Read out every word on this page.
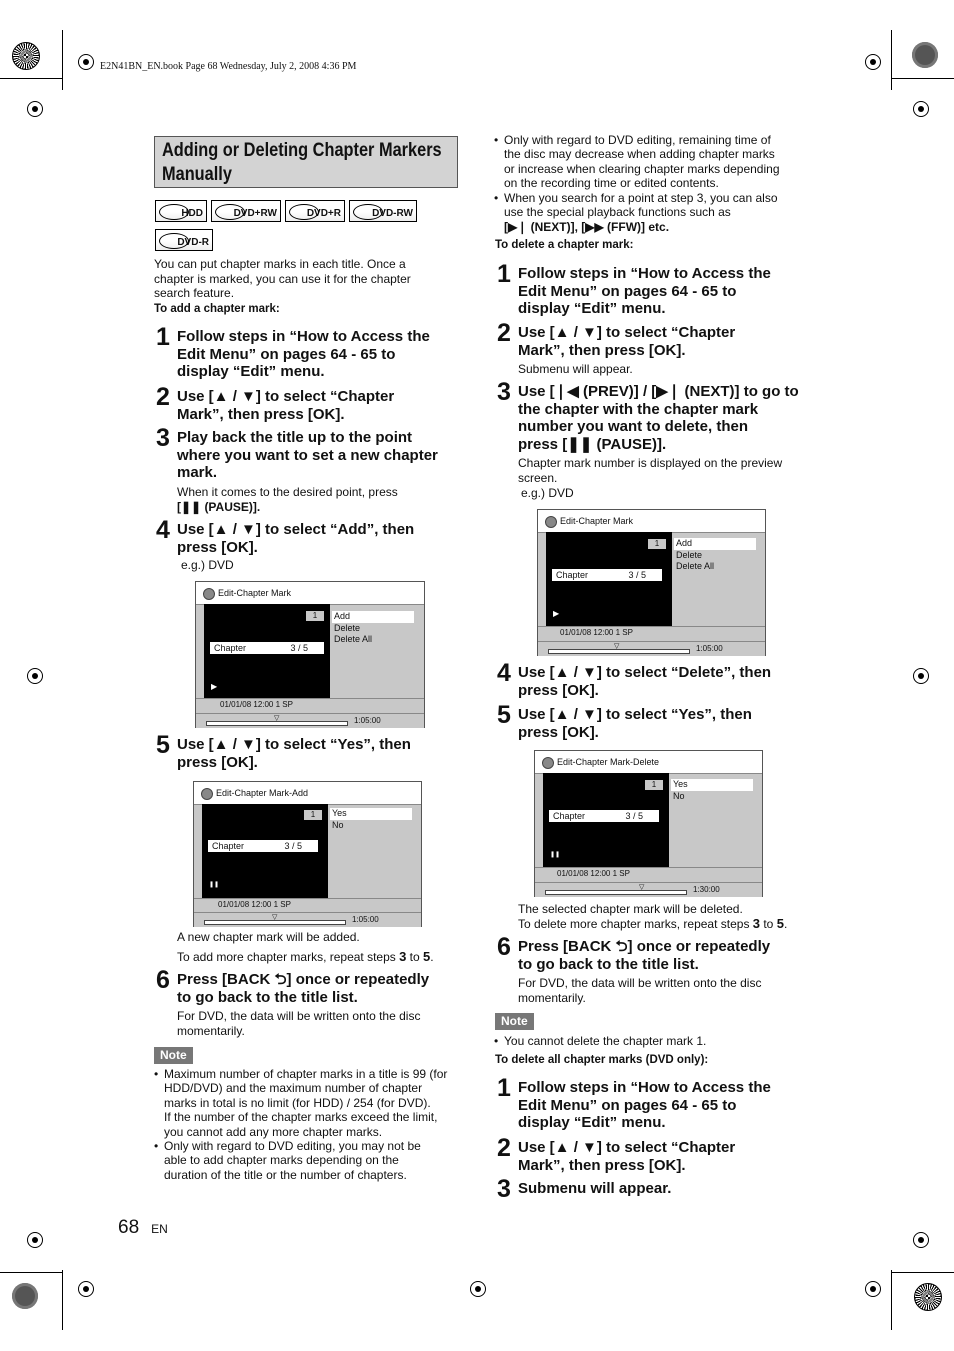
E2N41BN_EN.book Page 68 Wednesday, July 2, 2008 4:36 PM
Adding or Deleting Chapter Markers
Manually
HDD	DVD+RW	DVD+R	DVD-RW
DVD-R
You can put chapter marks in each title. Once a
chapter is marked, you can use it for the chapter
search feature.
To add a chapter mark:
1 Follow steps in “How to Access the
Edit Menu” on pages 64 - 65 to
display “Edit” menu.
2 Use [▲ / ▼] to select “Chapter
Mark”, then press [OK].
3 Play back the title up to the point
where you want to set a new chapter
mark.
When it comes to the desired point, press
[❚❚ (PAUSE)].
4 Use [▲ / ▼] to select “Add”, then
press [OK].
e.g.) DVD
Edit-Chapter Mark
1
Chapter	3 / 5
▶
Add
Delete
Delete All
01/01/08 12:00 1 SP
▽	1:05:00
5 Use [▲ / ▼] to select “Yes”, then
press [OK].
Edit-Chapter Mark-Add
1
Chapter	3 / 5
❚❚
Yes
No
01/01/08 12:00 1 SP
▽	1:05:00
A new chapter mark will be added.
To add more chapter marks, repeat steps 3 to 5.
6 Press [BACK ⮌] once or repeatedly
to go back to the title list.
For DVD, the data will be written onto the disc
momentarily.
Note
• Maximum number of chapter marks in a title is 99 (for
HDD/DVD) and the maximum number of chapter
marks in total is no limit (for HDD) / 254 (for DVD).
If the number of the chapter marks exceed the limit,
you cannot add any more chapter marks.
• Only with regard to DVD editing, you may not be
able to add chapter marks depending on the
duration of the title or the number of chapters.
68 EN
• Only with regard to DVD editing, remaining time of
the disc may decrease when adding chapter marks
or increase when clearing chapter marks depending
on the recording time or edited contents.
• When you search for a point at step 3, you can also
use the special playback functions such as
[▶❘ (NEXT)], [▶▶ (FFW)] etc.
To delete a chapter mark:
1 Follow steps in “How to Access the
Edit Menu” on pages 64 - 65 to
display “Edit” menu.
2 Use [▲ / ▼] to select “Chapter
Mark”, then press [OK].
Submenu will appear.
3 Use [❘◀ (PREV)] / [▶❘ (NEXT)] to go to
the chapter with the chapter mark
number you want to delete, then
press [❚❚ (PAUSE)].
Chapter mark number is displayed on the preview
screen.
e.g.) DVD
Edit-Chapter Mark
1
Chapter	3 / 5
▶
Add
Delete
Delete All
01/01/08 12:00 1 SP
▽	1:05:00
4 Use [▲ / ▼] to select “Delete”, then
press [OK].
5 Use [▲ / ▼] to select “Yes”, then
press [OK].
Edit-Chapter Mark-Delete
1
Chapter	3 / 5
❚❚
Yes
No
01/01/08 12:00 1 SP
▽	1:30:00
The selected chapter mark will be deleted.
To delete more chapter marks, repeat steps 3 to 5.
6 Press [BACK ⮌] once or repeatedly
to go back to the title list.
For DVD, the data will be written onto the disc
momentarily.
Note
• You cannot delete the chapter mark 1.
To delete all chapter marks (DVD only):
1 Follow steps in “How to Access the
Edit Menu” on pages 64 - 65 to
display “Edit” menu.
2 Use [▲ / ▼] to select “Chapter
Mark”, then press [OK].
3 Submenu will appear.
